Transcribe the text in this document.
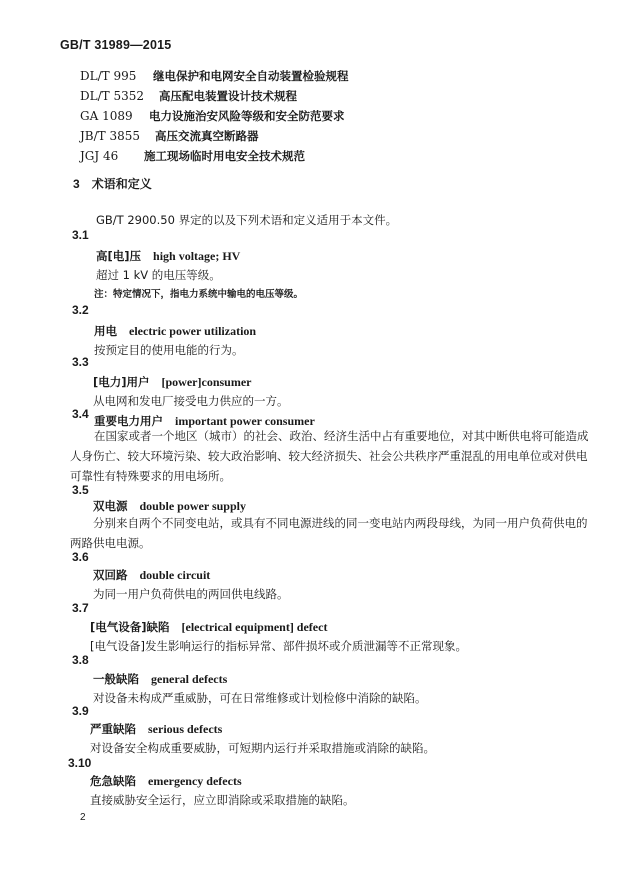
GB/T 31989—2015
DL/T 995 继电保护和电网安全自动装置检验规程
DL/T 5352 高压配电装置设计技术规程
GA 1089 电力设施治安风险等级和安全防范要求
JB/T 3855 高压交流真空断路器
JGJ 46 施工现场临时用电安全技术规范
3 术语和定义
GB/T 2900.50 界定的以及下列术语和定义适用于本文件。
3.1
高[电]压 high voltage; HV
超过 1 kV 的电压等级。
注：特定情况下，指电力系统中输电的电压等级。
3.2
用电 electric power utilization
按预定目的使用电能的行为。
3.3
[电力]用户 [power]consumer
从电网和发电厂接受电力供应的一方。
3.4 重要电力用户 important power consumer
在国家或者一个地区（城市）的社会、政治、经济生活中占有重要地位，对其中断供电将可能造成人身伤亡、较大环境污染、较大政治影响、较大经济损失、社会公共秩序严重混乱的用电单位或对供电可靠性有特殊要求的用电场所。
3.5
双电源 double power supply
分别来自两个不同变电站，或具有不同电源进线的同一变电站内两段母线，为同一用户负荷供电的两路供电电源。
3.6
双回路 double circuit
为同一用户负荷供电的两回供电线路。
3.7
[电气设备]缺陷 [electrical equipment] defect
[电气设备]发生影响运行的指标异常、部件损坏或介质泄漏等不正常现象。
3.8
一般缺陷 general defects
对设备未构成严重威胁，可在日常维修或计划检修中消除的缺陷。
3.9
严重缺陷 serious defects
对设备安全构成重要威胁，可短期内运行并采取措施或消除的缺陷。
3.10
危急缺陷 emergency defects
直接威胁安全运行，应立即消除或采取措施的缺陷。
2
